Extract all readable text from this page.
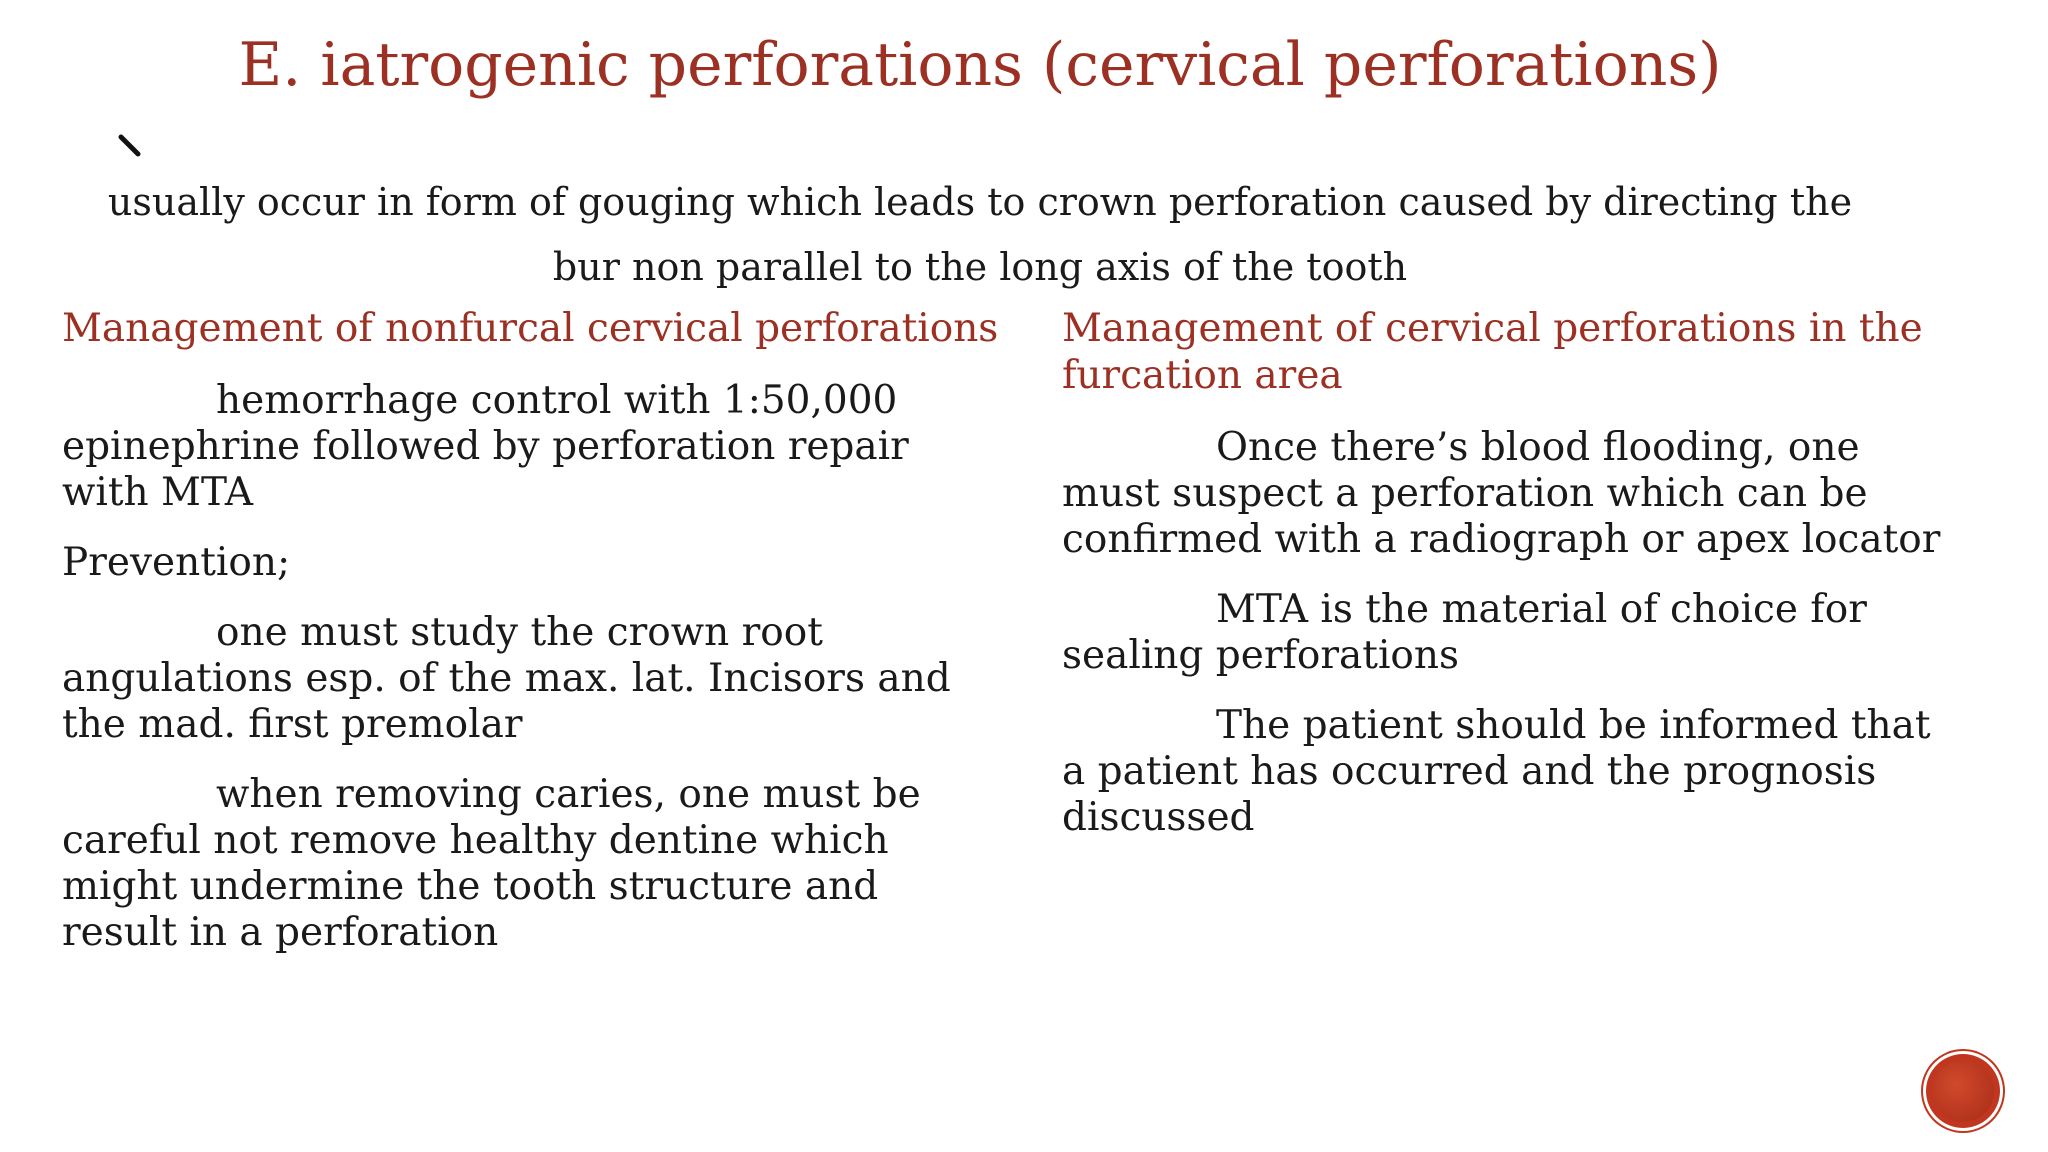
E. iatrogenic perforations (cervical perforations)
usually occur in form of gouging which leads to crown perforation caused by directing the bur non parallel to the long axis of the tooth
Management of nonfurcal cervical perforations

hemorrhage control with 1:50,000 epinephrine followed by perforation repair with MTA

Prevention;

one must study the crown root angulations esp. of the max. lat. Incisors and the mad. first premolar

when removing caries, one must be careful not remove healthy dentine which might undermine the tooth structure and result in a perforation

Management of cervical perforations in the furcation area

Once there’s blood flooding, one must suspect a perforation which can be confirmed with a radiograph or apex locator

MTA is the material of choice for sealing perforations

The patient should be informed that a patient has occurred and the prognosis discussed
